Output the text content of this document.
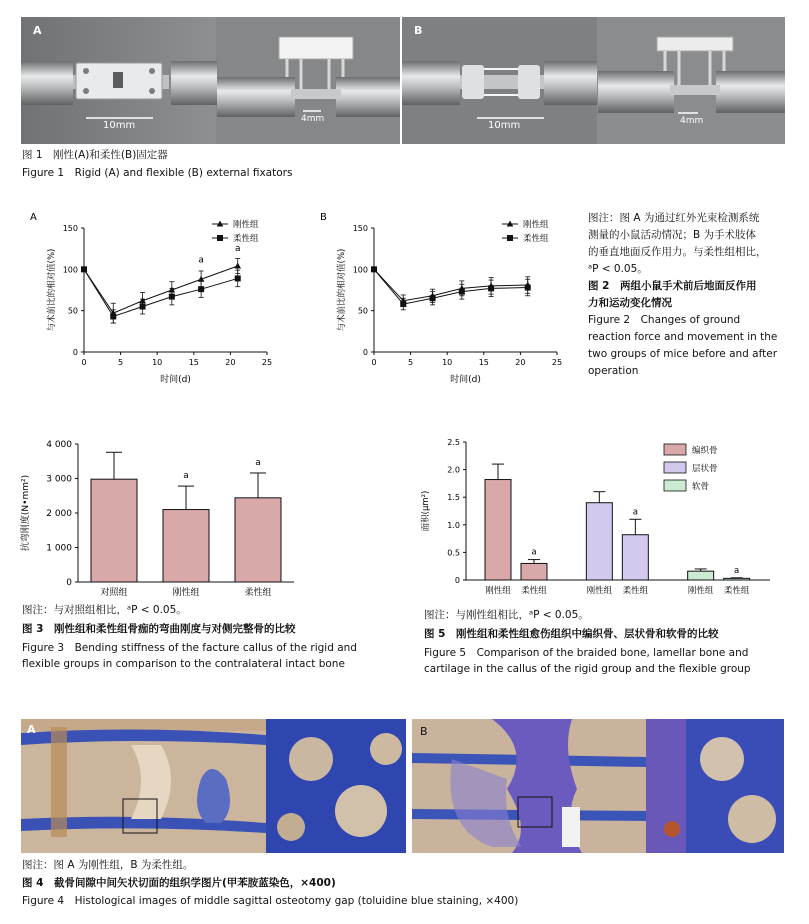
A
10mm
4mm
B
10mm	4mm
图 1　刚性(A)和柔性(B)固定器
Figure 1　Rigid (A) and flexible (B) external fixators
A
0
50
100
150
0	5	10	15	20	25
时间(d)
与术前比的相对值(%)
刚性组
柔性组
a
a
B
0
50
100
150
0	5	10	15	20	25
时间(d)
与术前比的相对值(%)
刚性组
柔性组
图注：图 A 为通过红外光束检测系统
测量的小鼠活动情况；B 为手术肢体
的垂直地面反作用力。与柔性组相比，
ᵃP < 0.05。
图 2　两组小鼠手术前后地面反作用
力和运动变化情况
Figure 2　Changes of ground
reaction force and movement in the
two groups of mice before and after
operation
0
1 000
2 000
3 000
4 000
抗弯刚度(N•mm²)
对照组	刚性组
a
柔性组
a
图注：与对照组相比，ᵃP < 0.05。
图 3　刚性组和柔性组骨痂的弯曲刚度与对侧完整骨的比较
Figure 3　Bending stiffness of the facture callus of the rigid and
flexible groups in comparison to the contralateral intact bone
0
0.5
1.0
1.5
2.0
2.5
面积(μm²)
刚性组 柔性组
a
编织骨
刚性组 柔性组
a
层状骨
刚性组 柔性组
a
软骨
图注：与刚性组相比，ᵃP < 0.05。
图 5　刚性组和柔性组愈伤组织中编织骨、层状骨和软骨的比较
Figure 5　Comparison of the braided bone, lamellar bone and
cartilage in the callus of the rigid group and the flexible group
A	B
图注：图 A 为刚性组，B 为柔性组。
图 4　截骨间隙中间矢状切面的组织学图片(甲苯胺蓝染色，×400)
Figure 4　Histological images of middle sagittal osteotomy gap (toluidine blue staining, ×400)
